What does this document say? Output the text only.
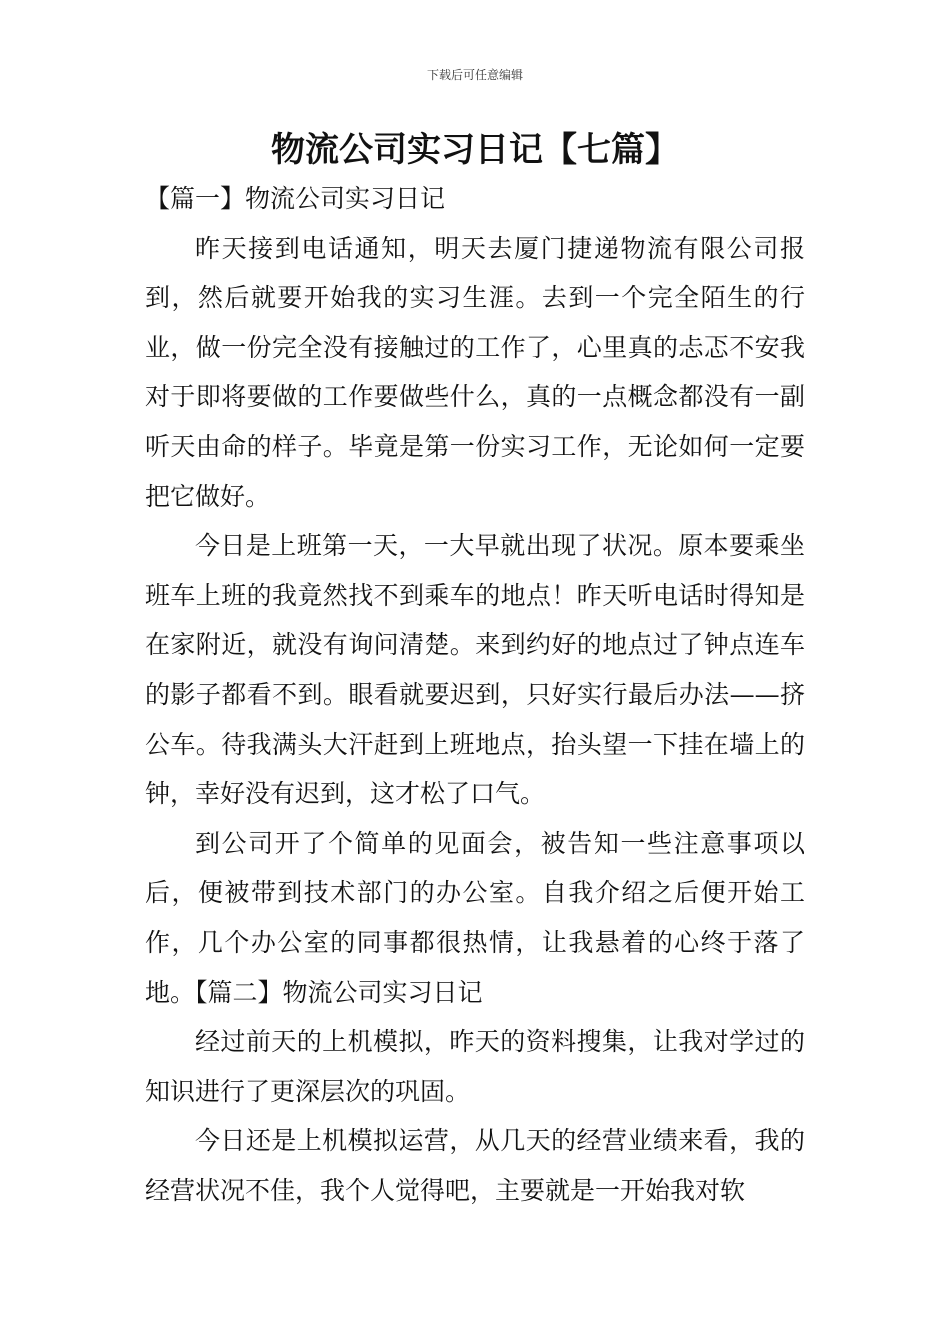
下载后可任意编辑
物流公司实习日记【七篇】

【篇一】物流公司实习日记

昨天接到电话通知，明天去厦门捷递物流有限公司报到，然后就要开始我的实习生涯。去到一个完全陌生的行业，做一份完全没有接触过的工作了，心里真的忐忑不安我对于即将要做的工作要做些什么，真的一点概念都没有一副听天由命的样子。毕竟是第一份实习工作，无论如何一定要把它做好。

今日是上班第一天，一大早就出现了状况。原本要乘坐班车上班的我竟然找不到乘车的地点！昨天听电话时得知是在家附近，就没有询问清楚。来到约好的地点过了钟点连车的影子都看不到。眼看就要迟到，只好实行最后办法——挤公车。待我满头大汗赶到上班地点，抬头望一下挂在墙上的钟，幸好没有迟到，这才松了口气。

到公司开了个简单的见面会，被告知一些注意事项以后，便被带到技术部门的办公室。自我介绍之后便开始工作，几个办公室的同事都很热情，让我悬着的心终于落了地。【篇二】物流公司实习日记

经过前天的上机模拟，昨天的资料搜集，让我对学过的知识进行了更深层次的巩固。

今日还是上机模拟运营，从几天的经营业绩来看，我的经营状况不佳，我个人觉得吧，主要就是一开始我对软
